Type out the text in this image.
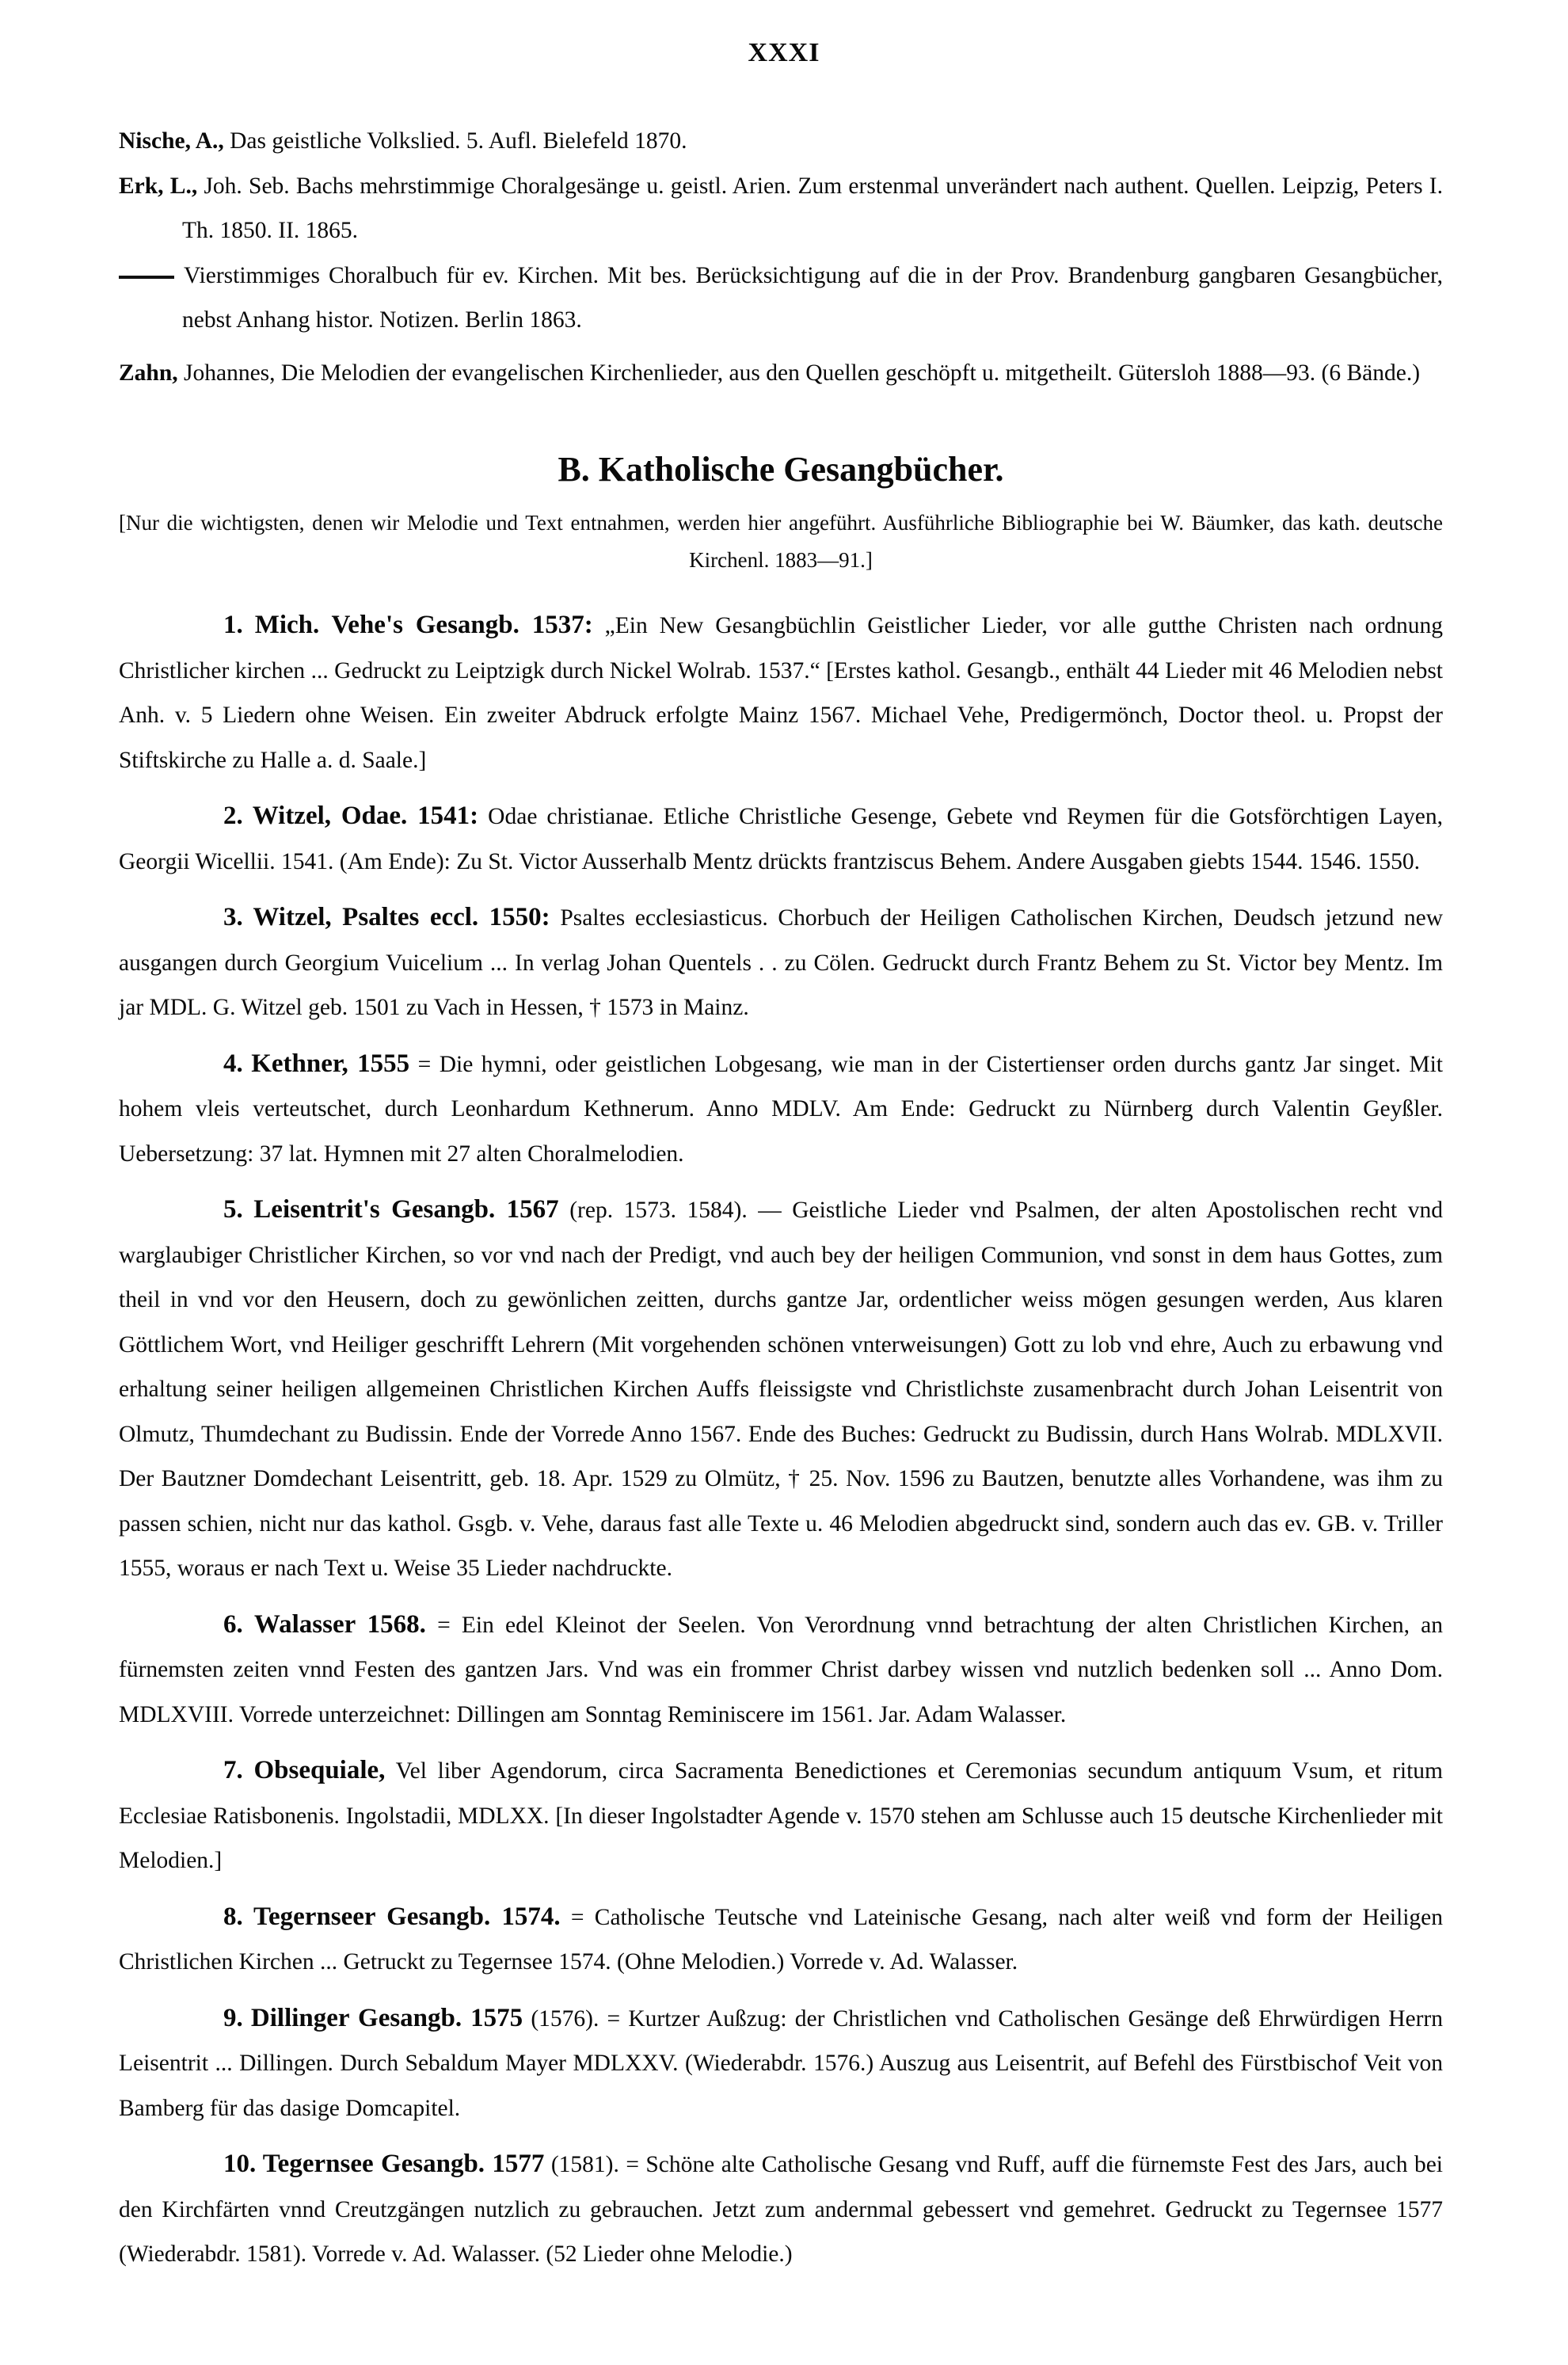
XXXI

Nische, A., Das geistliche Volkslied. 5. Aufl. Bielefeld 1870.

Erk, L., Joh. Seb. Bachs mehrstimmige Choralgesänge u. geistl. Arien. Zum erstenmal unverändert nach authent. Quellen. Leipzig, Peters I. Th. 1850. II. 1865.

Vierstimmiges Choralbuch für ev. Kirchen. Mit bes. Berücksichtigung auf die in der Prov. Brandenburg gangbaren Gesangbücher, nebst Anhang histor. Notizen. Berlin 1863.

Zahn, Johannes, Die Melodien der evangelischen Kirchenlieder, aus den Quellen geschöpft u. mitgetheilt. Gütersloh 1888—93. (6 Bände.)

B. Katholische Gesangbücher.

[Nur die wichtigsten, denen wir Melodie und Text entnahmen, werden hier angeführt. Ausführliche Bibliographie bei W. Bäumker, das kath. deutsche Kirchenl. 1883—91.]

1. Mich. Vehe's Gesangb. 1537: „Ein New Gesangbüchlin Geistlicher Lieder, vor alle gutthe Christen nach ordnung Christlicher kirchen ... Gedruckt zu Leiptzigk durch Nickel Wolrab. 1537.“ [Erstes kathol. Gesangb., enthält 44 Lieder mit 46 Melodien nebst Anh. v. 5 Liedern ohne Weisen. Ein zweiter Abdruck erfolgte Mainz 1567. Michael Vehe, Predigermönch, Doctor theol. u. Propst der Stiftskirche zu Halle a. d. Saale.]

2. Witzel, Odae. 1541: Odae christianae. Etliche Christliche Gesenge, Gebete vnd Reymen für die Gotsförchtigen Layen, Georgii Wicellii. 1541. (Am Ende): Zu St. Victor Ausserhalb Mentz drückts frantziscus Behem. Andere Ausgaben giebts 1544. 1546. 1550.

3. Witzel, Psaltes eccl. 1550: Psaltes ecclesiasticus. Chorbuch der Heiligen Catholischen Kirchen, Deudsch jetzund new ausgangen durch Georgium Vuicelium ... In verlag Johan Quentels . . zu Cölen. Gedruckt durch Frantz Behem zu St. Victor bey Mentz. Im jar MDL. G. Witzel geb. 1501 zu Vach in Hessen, † 1573 in Mainz.

4. Kethner, 1555 = Die hymni, oder geistlichen Lobgesang, wie man in der Cistertienser orden durchs gantz Jar singet. Mit hohem vleis verteutschet, durch Leonhardum Kethnerum. Anno MDLV. Am Ende: Gedruckt zu Nürnberg durch Valentin Geyßler. Uebersetzung: 37 lat. Hymnen mit 27 alten Choralmelodien.

5. Leisentrit's Gesangb. 1567 (rep. 1573. 1584). — Geistliche Lieder vnd Psalmen, der alten Apostolischen recht vnd warglaubiger Christlicher Kirchen, so vor vnd nach der Predigt, vnd auch bey der heiligen Communion, vnd sonst in dem haus Gottes, zum theil in vnd vor den Heusern, doch zu gewönlichen zeitten, durchs gantze Jar, ordentlicher weiss mögen gesungen werden, Aus klaren Göttlichem Wort, vnd Heiliger geschrifft Lehrern (Mit vorgehenden schönen vnterweisungen) Gott zu lob vnd ehre, Auch zu erbawung vnd erhaltung seiner heiligen allgemeinen Christlichen Kirchen Auffs fleissigste vnd Christlichste zusamenbracht durch Johan Leisentrit von Olmutz, Thumdechant zu Budissin. Ende der Vorrede Anno 1567. Ende des Buches: Gedruckt zu Budissin, durch Hans Wolrab. MDLXVII. Der Bautzner Domdechant Leisentritt, geb. 18. Apr. 1529 zu Olmütz, † 25. Nov. 1596 zu Bautzen, benutzte alles Vorhandene, was ihm zu passen schien, nicht nur das kathol. Gsgb. v. Vehe, daraus fast alle Texte u. 46 Melodien abgedruckt sind, sondern auch das ev. GB. v. Triller 1555, woraus er nach Text u. Weise 35 Lieder nachdruckte.

6. Walasser 1568. = Ein edel Kleinot der Seelen. Von Verordnung vnnd betrachtung der alten Christlichen Kirchen, an fürnemsten zeiten vnnd Festen des gantzen Jars. Vnd was ein frommer Christ darbey wissen vnd nutzlich bedenken soll ... Anno Dom. MDLXVIII. Vorrede unterzeichnet: Dillingen am Sonntag Reminiscere im 1561. Jar. Adam Walasser.

7. Obsequiale, Vel liber Agendorum, circa Sacramenta Benedictiones et Ceremonias secundum antiquum Vsum, et ritum Ecclesiae Ratisbonenis. Ingolstadii, MDLXX. [In dieser Ingolstadter Agende v. 1570 stehen am Schlusse auch 15 deutsche Kirchenlieder mit Melodien.]

8. Tegernseer Gesangb. 1574. = Catholische Teutsche vnd Lateinische Gesang, nach alter weiß vnd form der Heiligen Christlichen Kirchen ... Getruckt zu Tegernsee 1574. (Ohne Melodien.) Vorrede v. Ad. Walasser.

9. Dillinger Gesangb. 1575 (1576). = Kurtzer Außzug: der Christlichen vnd Catholischen Gesänge deß Ehrwürdigen Herrn Leisentrit ... Dillingen. Durch Sebaldum Mayer MDLXXV. (Wiederabdr. 1576.) Auszug aus Leisentrit, auf Befehl des Fürstbischof Veit von Bamberg für das dasige Domcapitel.

10. Tegernsee Gesangb. 1577 (1581). = Schöne alte Catholische Gesang vnd Ruff, auff die fürnemste Fest des Jars, auch bei den Kirchfärten vnnd Creutzgängen nutzlich zu gebrauchen. Jetzt zum andernmal gebessert vnd gemehret. Gedruckt zu Tegernsee 1577 (Wiederabdr. 1581). Vorrede v. Ad. Walasser. (52 Lieder ohne Melodie.)
